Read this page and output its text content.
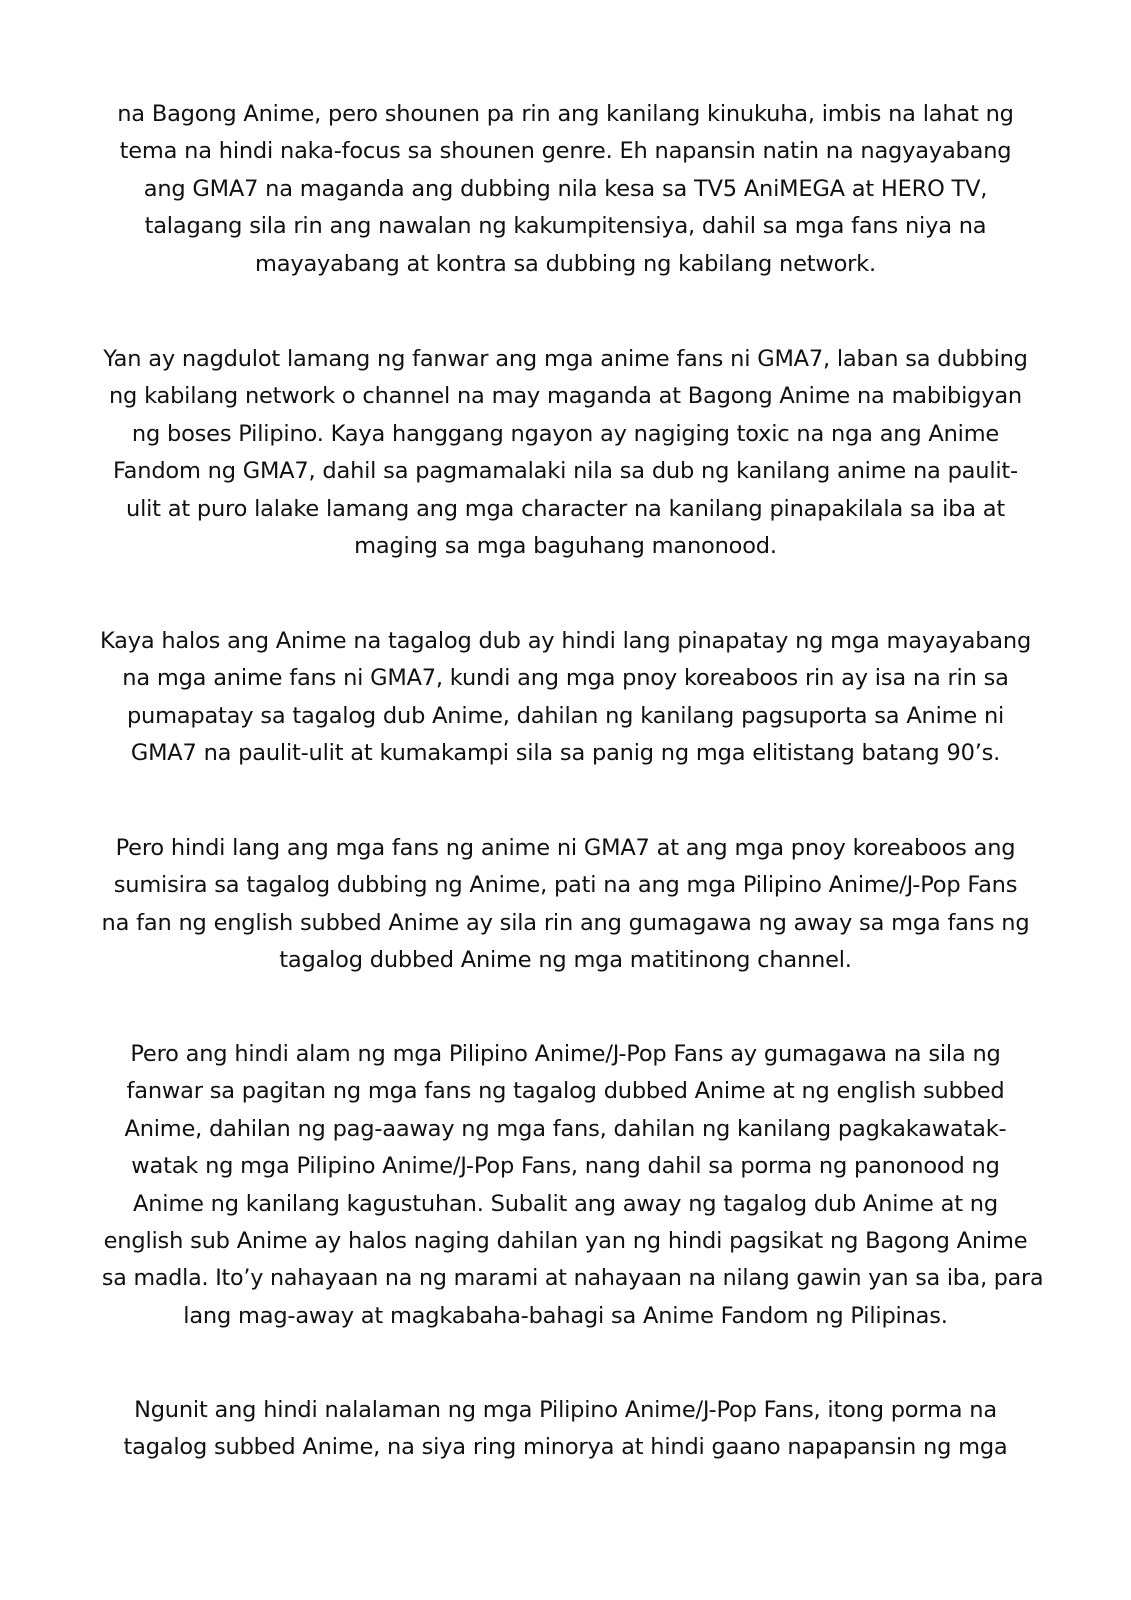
na Bagong Anime, pero shounen pa rin ang kanilang kinukuha, imbis na lahat ng
tema na hindi naka-focus sa shounen genre. Eh napansin natin na nagyayabang
ang GMA7 na maganda ang dubbing nila kesa sa TV5 AniMEGA at HERO TV,
talagang sila rin ang nawalan ng kakumpitensiya, dahil sa mga fans niya na
mayayabang at kontra sa dubbing ng kabilang network.

Yan ay nagdulot lamang ng fanwar ang mga anime fans ni GMA7, laban sa dubbing
ng kabilang network o channel na may maganda at Bagong Anime na mabibigyan
ng boses Pilipino. Kaya hanggang ngayon ay nagiging toxic na nga ang Anime
Fandom ng GMA7, dahil sa pagmamalaki nila sa dub ng kanilang anime na paulit-
ulit at puro lalake lamang ang mga character na kanilang pinapakilala sa iba at
maging sa mga baguhang manonood.

Kaya halos ang Anime na tagalog dub ay hindi lang pinapatay ng mga mayayabang
na mga anime fans ni GMA7, kundi ang mga pnoy koreaboos rin ay isa na rin sa
pumapatay sa tagalog dub Anime, dahilan ng kanilang pagsuporta sa Anime ni
GMA7 na paulit-ulit at kumakampi sila sa panig ng mga elitistang batang 90’s.

Pero hindi lang ang mga fans ng anime ni GMA7 at ang mga pnoy koreaboos ang
sumisira sa tagalog dubbing ng Anime, pati na ang mga Pilipino Anime/J-Pop Fans
na fan ng english subbed Anime ay sila rin ang gumagawa ng away sa mga fans ng
tagalog dubbed Anime ng mga matitinong channel.

Pero ang hindi alam ng mga Pilipino Anime/J-Pop Fans ay gumagawa na sila ng
fanwar sa pagitan ng mga fans ng tagalog dubbed Anime at ng english subbed
Anime, dahilan ng pag-aaway ng mga fans, dahilan ng kanilang pagkakawatak-
watak ng mga Pilipino Anime/J-Pop Fans, nang dahil sa porma ng panonood ng
Anime ng kanilang kagustuhan. Subalit ang away ng tagalog dub Anime at ng
english sub Anime ay halos naging dahilan yan ng hindi pagsikat ng Bagong Anime
sa madla. Ito’y nahayaan na ng marami at nahayaan na nilang gawin yan sa iba, para
lang mag-away at magkabaha-bahagi sa Anime Fandom ng Pilipinas.

Ngunit ang hindi nalalaman ng mga Pilipino Anime/J-Pop Fans, itong porma na
tagalog subbed Anime, na siya ring minorya at hindi gaano napapansin ng mga
